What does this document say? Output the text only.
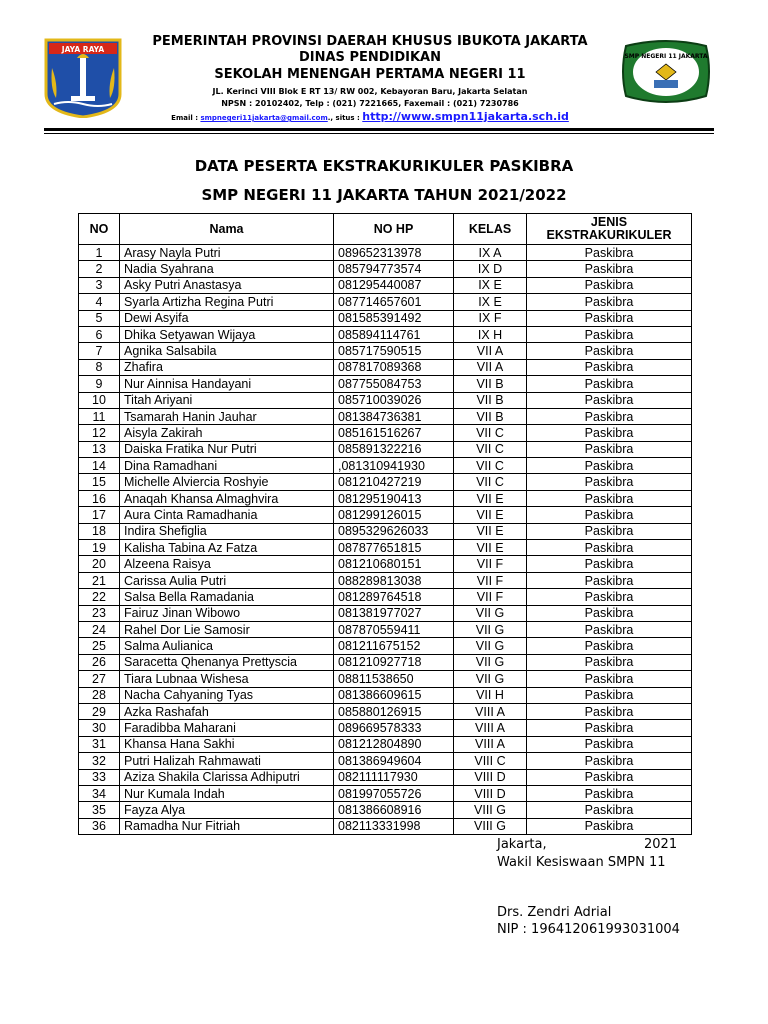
JAYA RAYA
SMP NEGERI 11 JAKARTA
PEMERINTAH PROVINSI DAERAH KHUSUS IBUKOTA JAKARTA
DINAS PENDIDIKAN
SEKOLAH MENENGAH PERTAMA NEGERI 11
JL. Kerinci VIII Blok E RT 13/ RW 002, Kebayoran Baru, Jakarta Selatan
NPSN : 20102402, Telp : (021) 7221665, Faxemail : (021) 7230786
Email : smpnegeri11jakarta@gmail.com., situs : http://www.smpn11jakarta.sch.id
DATA PESERTA EKSTRAKURIKULER PASKIBRA
SMP NEGERI 11 JAKARTA TAHUN 2021/2022
NO	Nama	NO HP	KELAS	JENIS EKSTRAKURIKULER
1	Arasy Nayla Putri	089652313978	IX A	Paskibra
2	Nadia Syahrana	085794773574	IX D	Paskibra
3	Asky Putri Anastasya	081295440087	IX E	Paskibra
4	Syarla Artizha Regina Putri	087714657601	IX E	Paskibra
5	Dewi Asyifa	081585391492	IX F	Paskibra
6	Dhika Setyawan Wijaya	085894114761	IX H	Paskibra
7	Agnika Salsabila	085717590515	VII A	Paskibra
8	Zhafira	087817089368	VII A	Paskibra
9	Nur Ainnisa Handayani	087755084753	VII B	Paskibra
10	Titah Ariyani	085710039026	VII B	Paskibra
11	Tsamarah Hanin Jauhar	081384736381	VII B	Paskibra
12	Aisyla Zakirah	085161516267	VII C	Paskibra
13	Daiska Fratika Nur Putri	085891322216	VII C	Paskibra
14	Dina Ramadhani	,081310941930	VII C	Paskibra
15	Michelle Alviercia Roshyie	081210427219	VII C	Paskibra
16	Anaqah Khansa Almaghvira	081295190413	VII E	Paskibra
17	Aura Cinta Ramadhania	081299126015	VII E	Paskibra
18	Indira Shefiglia	0895329626033	VII E	Paskibra
19	Kalisha Tabina Az Fatza	087877651815	VII E	Paskibra
20	Alzeena Raisya	081210680151	VII F	Paskibra
21	Carissa Aulia Putri	088289813038	VII F	Paskibra
22	Salsa Bella Ramadania	081289764518	VII F	Paskibra
23	Fairuz Jinan Wibowo	081381977027	VII G	Paskibra
24	Rahel Dor Lie Samosir	087870559411	VII G	Paskibra
25	Salma Aulianica	081211675152	VII G	Paskibra
26	Saracetta Qhenanya Prettyscia	081210927718	VII G	Paskibra
27	Tiara Lubnaa Wishesa	08811538650	VII G	Paskibra
28	Nacha Cahyaning Tyas	081386609615	VII H	Paskibra
29	Azka Rashafah	085880126915	VIII A	Paskibra
30	Faradibba Maharani	089669578333	VIII A	Paskibra
31	Khansa Hana Sakhi	081212804890	VIII A	Paskibra
32	Putri Halizah Rahmawati	081386949604	VIII C	Paskibra
33	Aziza Shakila Clarissa Adhiputri	082111117930	VIII D	Paskibra
34	Nur Kumala Indah	081997055726	VIII D	Paskibra
35	Fayza Alya	081386608916	VIII G	Paskibra
36	Ramadha Nur Fitriah	082113331998	VIII G	Paskibra
Jakarta,	2021
Wakil Kesiswaan SMPN 11
Drs. Zendri Adrial
NIP : 196412061993031004
